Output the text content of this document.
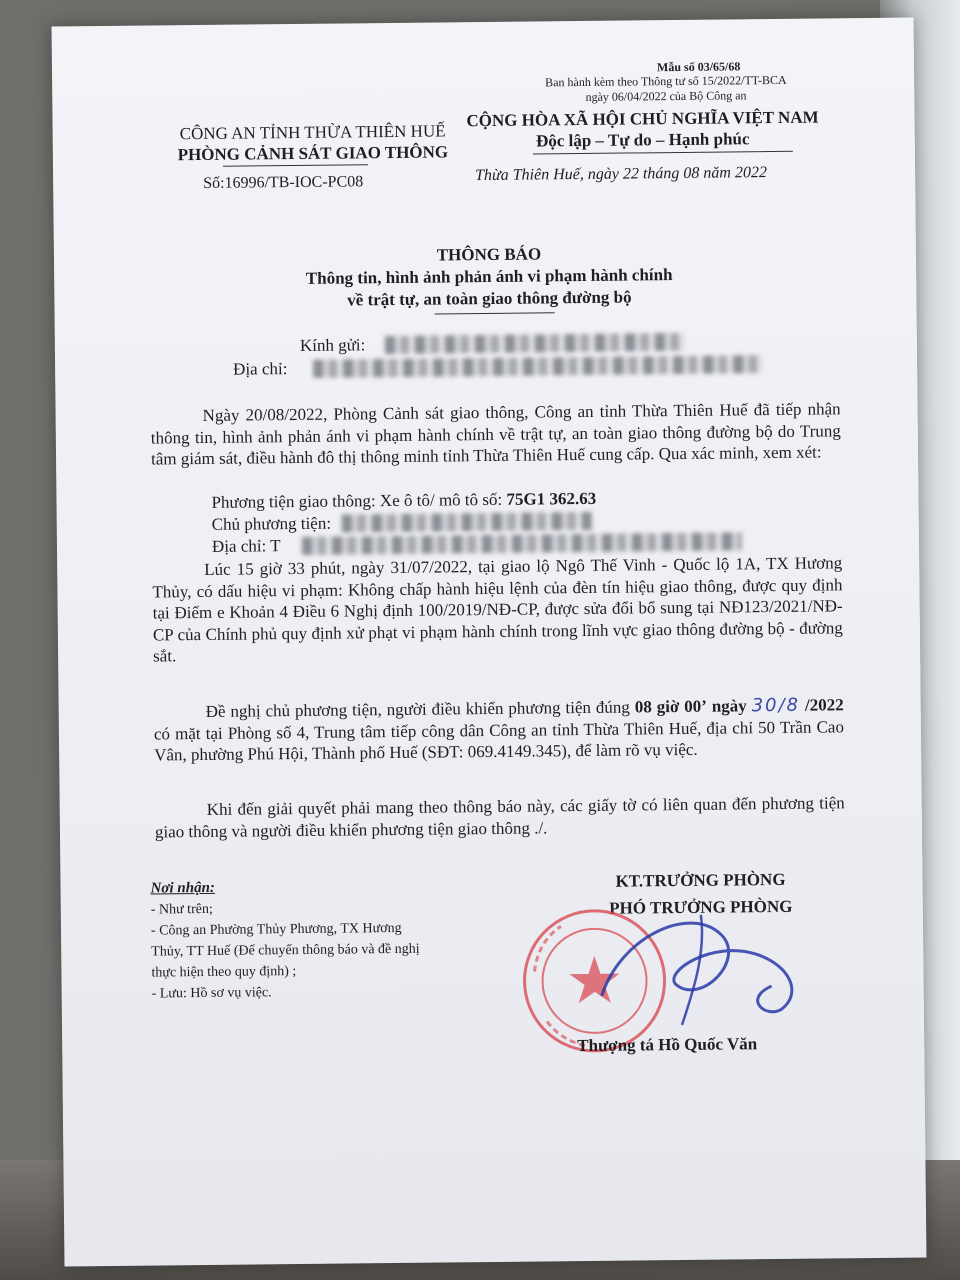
Mẫu số 03/65/68
Ban hành kèm theo Thông tư số 15/2022/TT-BCA
ngày 06/04/2022 của Bộ Công an
CÔNG AN TỈNH THỪA THIÊN HUẾ
PHÒNG CẢNH SÁT GIAO THÔNG
CỘNG HÒA XÃ HỘI CHỦ NGHĨA VIỆT NAM
Độc lập – Tự do – Hạnh phúc
Số:16996/TB-IOC-PC08	Thừa Thiên Huế, ngày 22 tháng 08 năm 2022
THÔNG BÁO
Thông tin, hình ảnh phản ánh vi phạm hành chính
về trật tự, an toàn giao thông đường bộ
Kính gửi:
Địa chỉ:
Ngày 20/08/2022, Phòng Cảnh sát giao thông, Công an tỉnh Thừa Thiên Huế đã tiếp nhận thông tin, hình ảnh phản ánh vi phạm hành chính về trật tự, an toàn giao thông đường bộ do Trung tâm giám sát, điều hành đô thị thông minh tỉnh Thừa Thiên Huế cung cấp. Qua xác minh, xem xét:
Phương tiện giao thông: Xe ô tô/ mô tô số: 75G1 362.63
Chủ phương tiện:
Địa chỉ: T
Lúc 15 giờ 33 phút, ngày 31/07/2022, tại giao lộ Ngô Thế Vinh - Quốc lộ 1A, TX Hương Thủy, có dấu hiệu vi phạm: Không chấp hành hiệu lệnh của đèn tín hiệu giao thông, được quy định tại Điểm e Khoản 4 Điều 6 Nghị định 100/2019/NĐ-CP, được sửa đổi bổ sung tại NĐ123/2021/NĐ-CP của Chính phủ quy định xử phạt vi phạm hành chính trong lĩnh vực giao thông đường bộ - đường sắt.
Đề nghị chủ phương tiện, người điều khiển phương tiện đúng 08 giờ 00’ ngày 30/8 /2022 có mặt tại Phòng số 4, Trung tâm tiếp công dân Công an tỉnh Thừa Thiên Huế, địa chỉ 50 Trần Cao Vân, phường Phú Hội, Thành phố Huế (SĐT: 069.4149.345), để làm rõ vụ việc.
Khi đến giải quyết phải mang theo thông báo này, các giấy tờ có liên quan đến phương tiện giao thông và người điều khiển phương tiện giao thông ./.
Nơi nhận:
- Như trên;
- Công an Phường Thủy Phương, TX Hương
Thủy, TT Huế (Để chuyển thông báo và đề nghị
thực hiện theo quy định) ;
- Lưu: Hồ sơ vụ việc.
KT.TRƯỞNG PHÒNG
PHÓ TRƯỞNG PHÒNG
Thượng tá Hồ Quốc Văn
